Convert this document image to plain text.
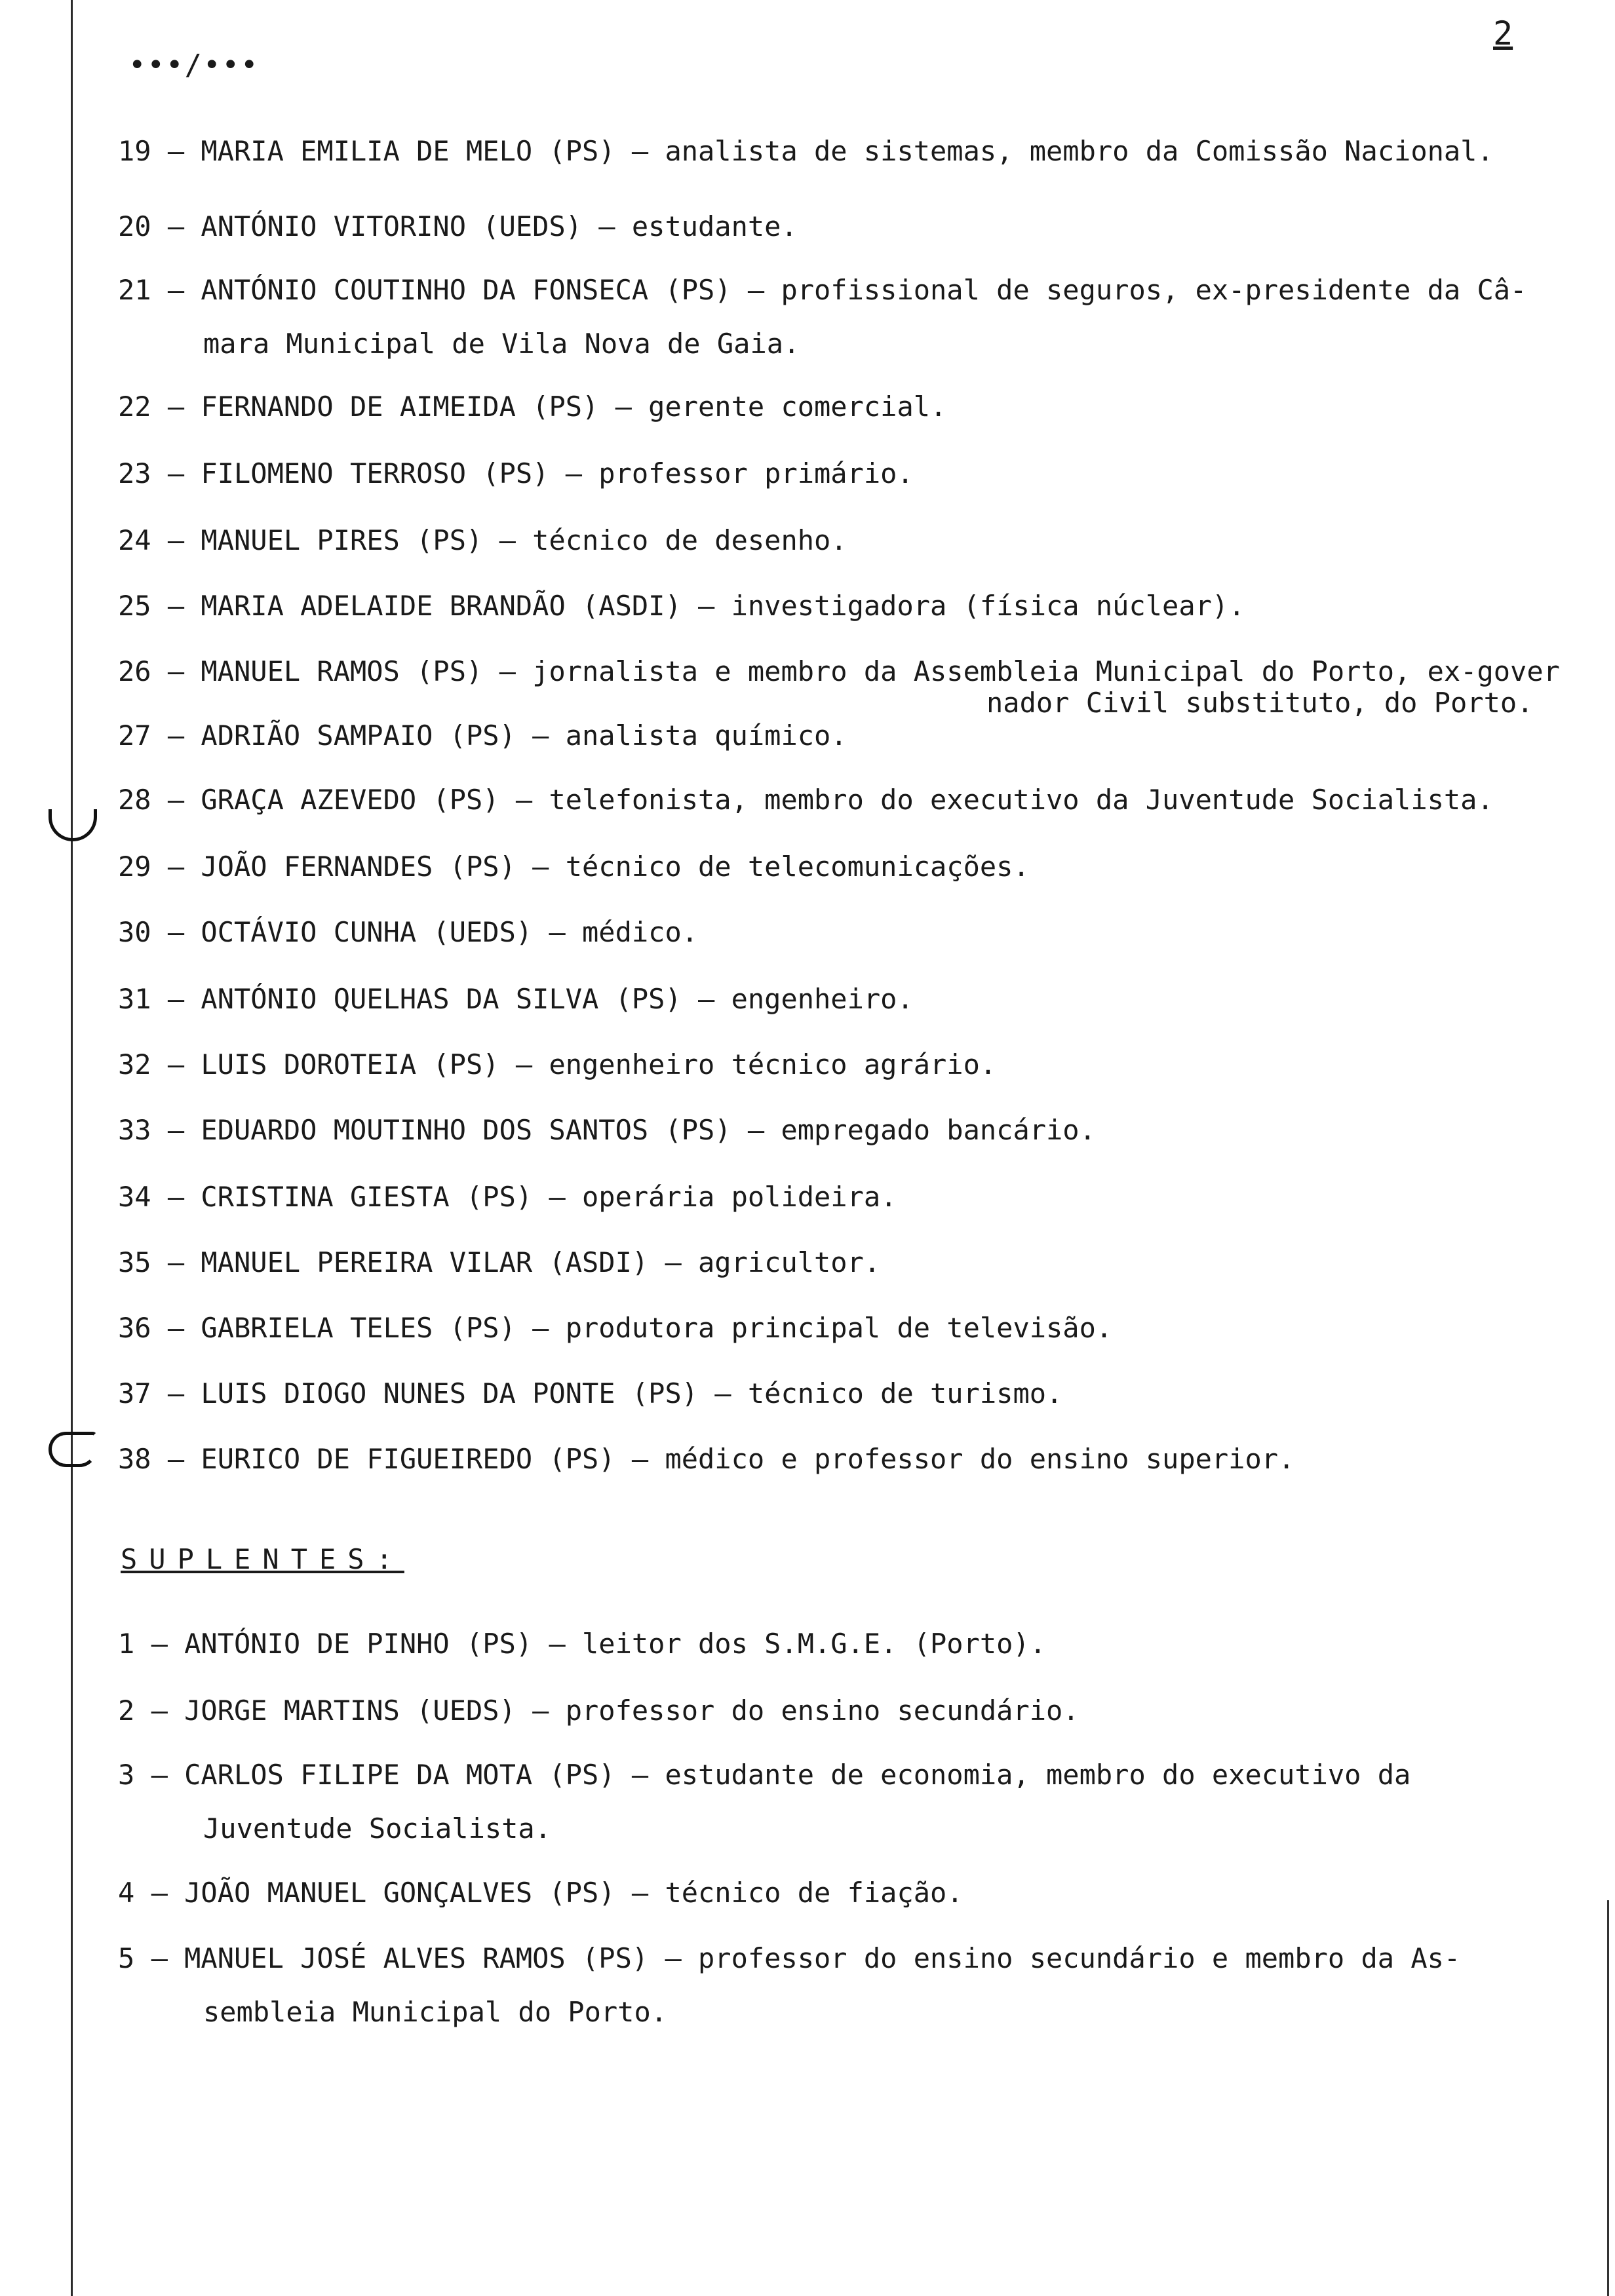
•••/•••
2
19 – MARIA EMILIA DE MELO (PS) – analista de sistemas, membro da Comissão Nacional.
20 – ANTÓNIO VITORINO (UEDS) – estudante.
21 – ANTÓNIO COUTINHO DA FONSECA (PS) – profissional de seguros, ex-presidente da Câ-
mara Municipal de Vila Nova de Gaia.
22 – FERNANDO DE AIMEIDA (PS) – gerente comercial.
23 – FILOMENO TERROSO (PS) – professor primário.
24 – MANUEL PIRES (PS) – técnico de desenho.
25 – MARIA ADELAIDE BRANDÃO (ASDI) – investigadora (física núclear).
26 – MANUEL RAMOS (PS) – jornalista e membro da Assembleia Municipal do Porto, ex-gover
nador Civil substituto, do Porto.
27 – ADRIÃO SAMPAIO (PS) – analista químico.
28 – GRAÇA AZEVEDO (PS) – telefonista, membro do executivo da Juventude Socialista.
29 – JOÃO FERNANDES (PS) – técnico de telecomunicações.
30 – OCTÁVIO CUNHA (UEDS) – médico.
31 – ANTÓNIO QUELHAS DA SILVA (PS) – engenheiro.
32 – LUIS DOROTEIA (PS) – engenheiro técnico agrário.
33 – EDUARDO MOUTINHO DOS SANTOS (PS) – empregado bancário.
34 – CRISTINA GIESTA (PS) – operária polideira.
35 – MANUEL PEREIRA VILAR (ASDI) – agricultor.
36 – GABRIELA TELES (PS) – produtora principal de televisão.
37 – LUIS DIOGO NUNES DA PONTE (PS) – técnico de turismo.
38 – EURICO DE FIGUEIREDO (PS) – médico e professor do ensino superior.
SUPLENTES:
1 – ANTÓNIO DE PINHO (PS) – leitor dos S.M.G.E. (Porto).
2 – JORGE MARTINS (UEDS) – professor do ensino secundário.
3 – CARLOS FILIPE DA MOTA (PS) – estudante de economia, membro do executivo da
Juventude Socialista.
4 – JOÃO MANUEL GONÇALVES (PS) – técnico de fiação.
5 – MANUEL JOSÉ ALVES RAMOS (PS) – professor do ensino secundário e membro da As-
sembleia Municipal do Porto.
